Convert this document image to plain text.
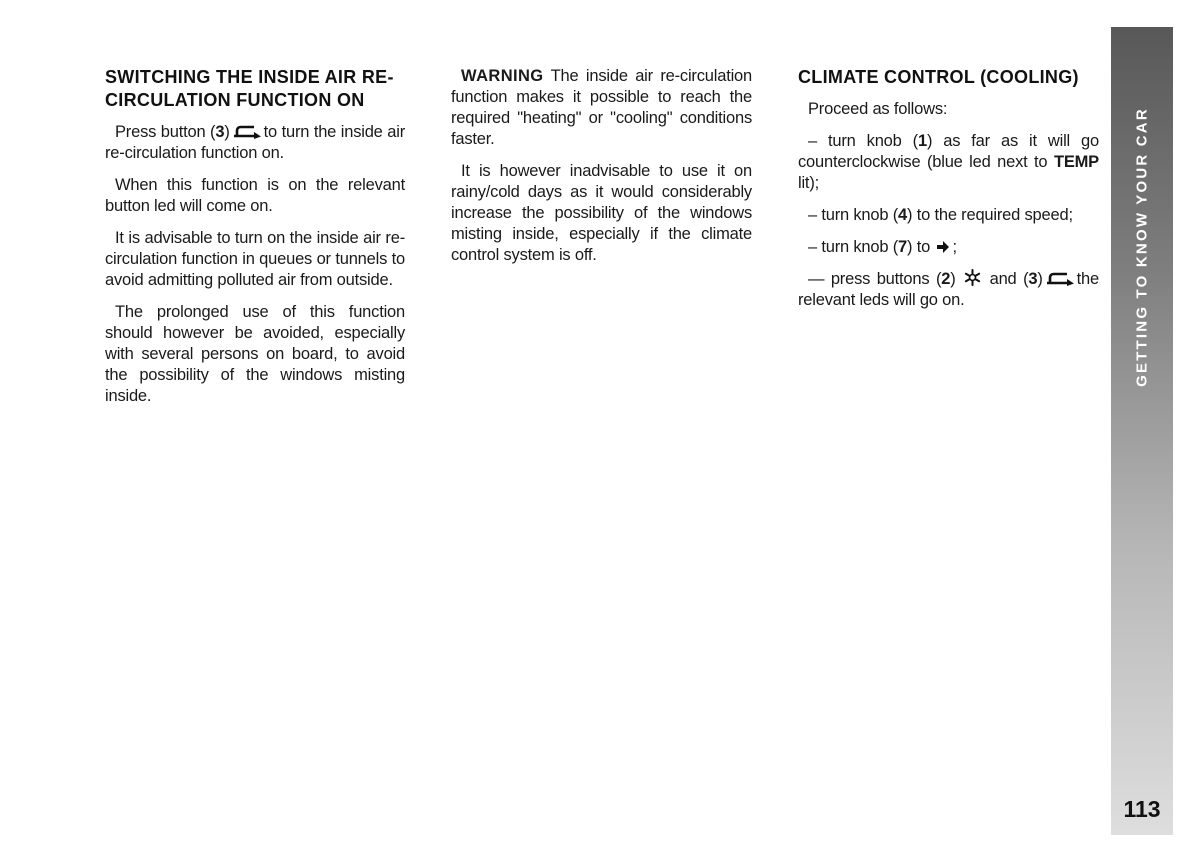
SWITCHING THE INSIDE AIR RE-CIRCULATION FUNCTION ON

Press button (3) to turn the inside air re-circulation function on.

When this function is on the relevant button led will come on.

It is advisable to turn on the inside air re-circulation function in queues or tunnels to avoid admitting polluted air from outside.

The prolonged use of this function should however be avoided, especially with several persons on board, to avoid the possibility of the windows misting inside.

WARNING The inside air re-circulation function makes it possible to reach the required "heating" or "cooling" conditions faster.

It is however inadvisable to use it on rainy/cold days as it would considerably increase the possibility of the windows misting inside, especially if the climate control system is off.

CLIMATE CONTROL (COOLING)

Proceed as follows:

– turn knob (1) as far as it will go counterclockwise (blue led next to TEMP lit);

– turn knob (4) to the required speed;

– turn knob (7) to ;

— press buttons (2) and (3) the relevant leds will go on.	GETTING TO KNOW YOUR CAR
113
